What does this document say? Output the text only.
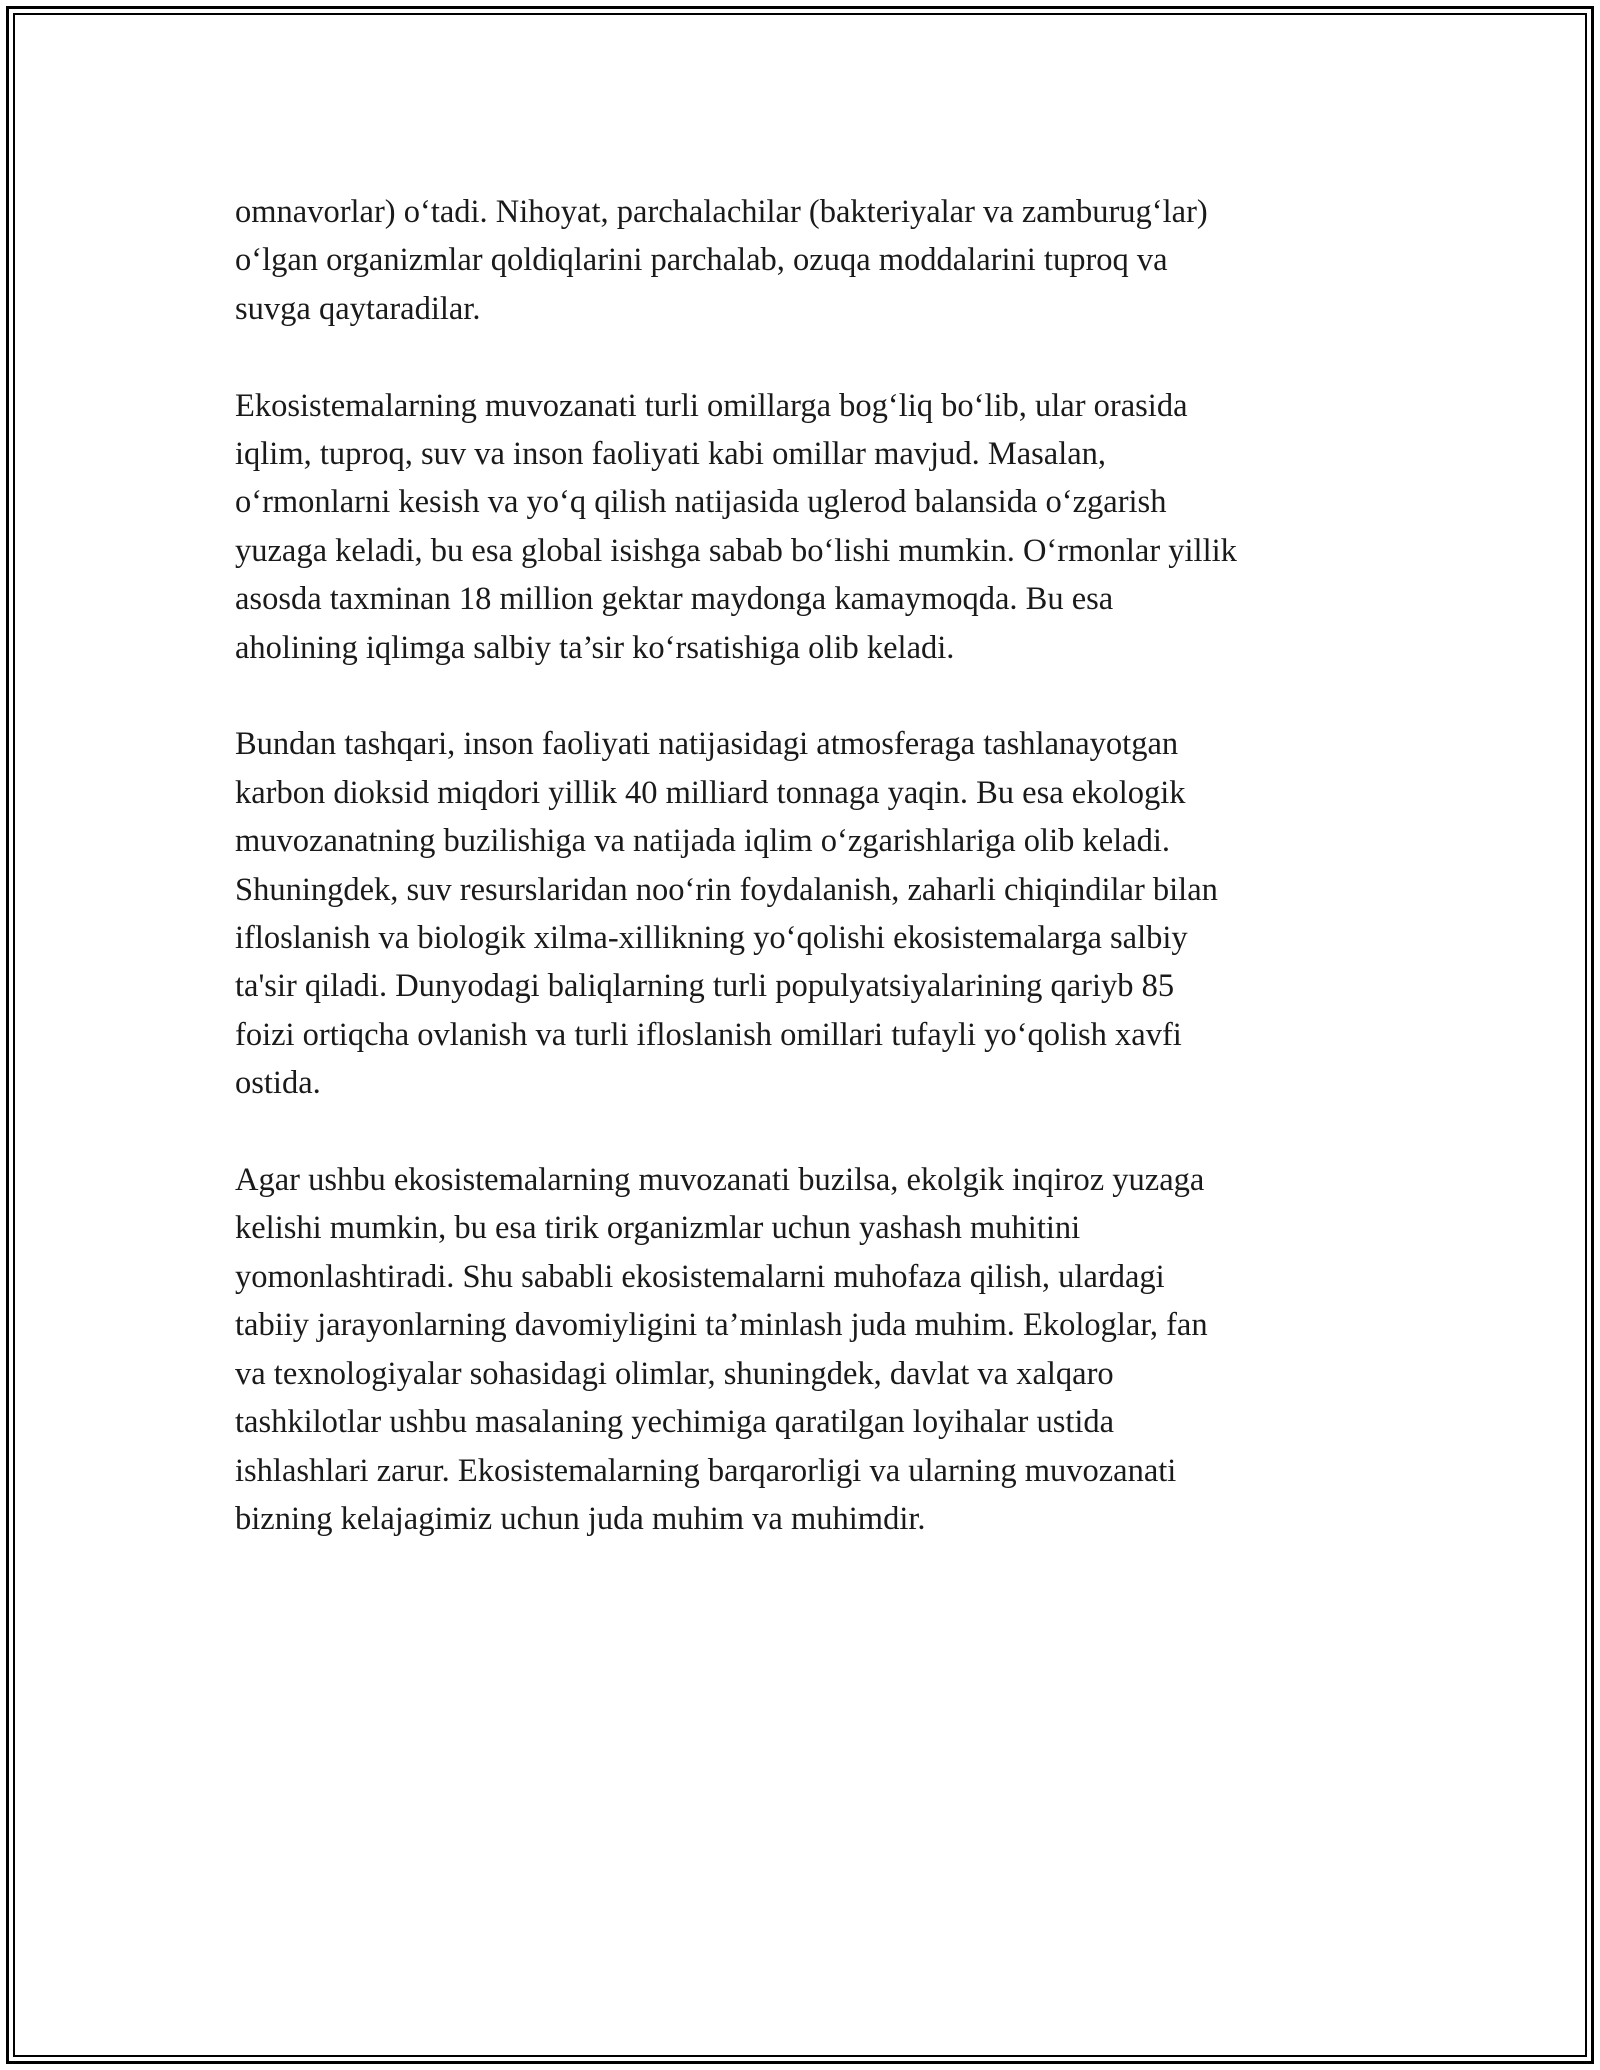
omnavorlar) o‘tadi. Nihoyat, parchalachilar (bakteriyalar va zamburug‘lar)
o‘lgan organizmlar qoldiqlarini parchalab, ozuqa moddalarini tuproq va
suvga qaytaradilar.

Ekosistemalarning muvozanati turli omillarga bog‘liq bo‘lib, ular orasida
iqlim, tuproq, suv va inson faoliyati kabi omillar mavjud. Masalan,
o‘rmonlarni kesish va yo‘q qilish natijasida uglerod balansida o‘zgarish
yuzaga keladi, bu esa global isishga sabab bo‘lishi mumkin. O‘rmonlar yillik
asosda taxminan 18 million gektar maydonga kamaymoqda. Bu esa
aholining iqlimga salbiy ta’sir ko‘rsatishiga olib keladi.

Bundan tashqari, inson faoliyati natijasidagi atmosferaga tashlanayotgan
karbon dioksid miqdori yillik 40 milliard tonnaga yaqin. Bu esa ekologik
muvozanatning buzilishiga va natijada iqlim o‘zgarishlariga olib keladi.
Shuningdek, suv resurslaridan noo‘rin foydalanish, zaharli chiqindilar bilan
ifloslanish va biologik xilma-xillikning yo‘qolishi ekosistemalarga salbiy
ta'sir qiladi. Dunyodagi baliqlarning turli populyatsiyalarining qariyb 85
foizi ortiqcha ovlanish va turli ifloslanish omillari tufayli yo‘qolish xavfi
ostida.

Agar ushbu ekosistemalarning muvozanati buzilsa, ekolgik inqiroz yuzaga
kelishi mumkin, bu esa tirik organizmlar uchun yashash muhitini
yomonlashtiradi. Shu sababli ekosistemalarni muhofaza qilish, ulardagi
tabiiy jarayonlarning davomiyligini ta’minlash juda muhim. Ekologlar, fan
va texnologiyalar sohasidagi olimlar, shuningdek, davlat va xalqaro
tashkilotlar ushbu masalaning yechimiga qaratilgan loyihalar ustida
ishlashlari zarur. Ekosistemalarning barqarorligi va ularning muvozanati
bizning kelajagimiz uchun juda muhim va muhimdir.
